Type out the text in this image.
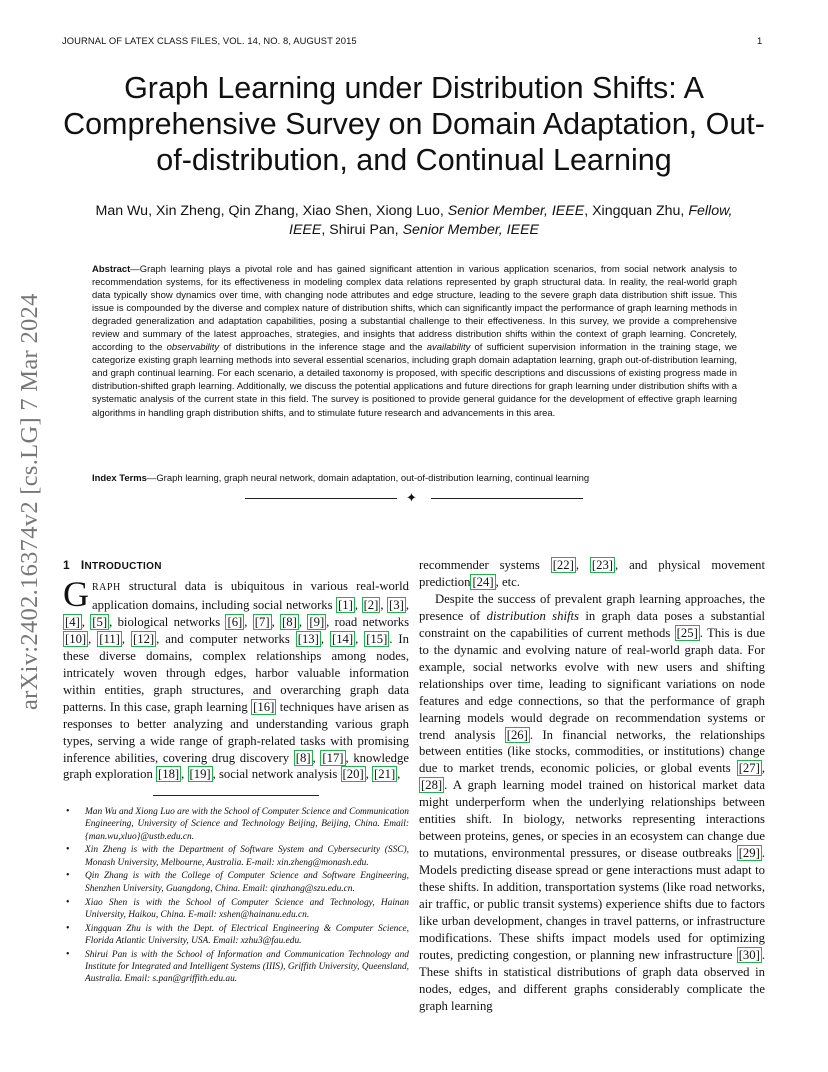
JOURNAL OF LATEX CLASS FILES, VOL. 14, NO. 8, AUGUST 2015	1
Graph Learning under Distribution Shifts: A Comprehensive Survey on Domain Adaptation, Out-of-distribution, and Continual Learning
Man Wu, Xin Zheng, Qin Zhang, Xiao Shen, Xiong Luo, Senior Member, IEEE, Xingquan Zhu, Fellow,
IEEE, Shirui Pan, Senior Member, IEEE
Abstract—Graph learning plays a pivotal role and has gained significant attention in various application scenarios, from social network analysis to recommendation systems, for its effectiveness in modeling complex data relations represented by graph structural data. In reality, the real-world graph data typically show dynamics over time, with changing node attributes and edge structure, leading to the severe graph data distribution shift issue. This issue is compounded by the diverse and complex nature of distribution shifts, which can significantly impact the performance of graph learning methods in degraded generalization and adaptation capabilities, posing a substantial challenge to their effectiveness. In this survey, we provide a comprehensive review and summary of the latest approaches, strategies, and insights that address distribution shifts within the context of graph learning. Concretely, according to the observability of distributions in the inference stage and the availability of sufficient supervision information in the training stage, we categorize existing graph learning methods into several essential scenarios, including graph domain adaptation learning, graph out-of-distribution learning, and graph continual learning. For each scenario, a detailed taxonomy is proposed, with specific descriptions and discussions of existing progress made in distribution-shifted graph learning. Additionally, we discuss the potential applications and future directions for graph learning under distribution shifts with a systematic analysis of the current state in this field. The survey is positioned to provide general guidance for the development of effective graph learning algorithms in handling graph distribution shifts, and to stimulate future research and advancements in this area.
Index Terms—Graph learning, graph neural network, domain adaptation, out-of-distribution learning, continual learning
✦
arXiv:2402.16374v2 [cs.LG] 7 Mar 2024 1 INTRODUCTION

GRAPH structural data is ubiquitous in various real-world application domains, including social networks [1] , [2] , [3] , [4] , [5] , biological networks [6] , [7] , [8] , [9] , road networks [10] , [11] , [12] , and computer networks [13] , [14] , [15] . In these diverse domains, complex relationships among nodes, intricately woven through edges, harbor valuable information within entities, graph structures, and overarching graph data patterns. In this case, graph learning [16] techniques have arisen as responses to better analyzing and understanding various graph types, serving a wide range of graph-related tasks with promising inference abilities, covering drug discovery [8] , [17] , knowledge graph exploration [18] , [19] , social network analysis [20] , [21] ,

• Man Wu and Xiong Luo are with the School of Computer Science and Communication Engineering, University of Science and Technology Beijing, Beijing, China. Email: {man.wu,xluo}@ustb.edu.cn.
• Xin Zheng is with the Department of Software System and Cybersecurity (SSC), Monash University, Melbourne, Australia. E-mail: xin.zheng@monash.edu.
• Qin Zhang is with the College of Computer Science and Software Engineering, Shenzhen University, Guangdong, China. Email: qinzhang@szu.edu.cn.
• Xiao Shen is with the School of Computer Science and Technology, Hainan University, Haikou, China. E-mail: xshen@hainanu.edu.cn.
• Xingquan Zhu is with the Dept. of Electrical Engineering & Computer Science, Florida Atlantic University, USA. Email: xzhu3@fau.edu.
• Shirui Pan is with the School of Information and Communication Technology and Institute for Integrated and Intelligent Systems (IIIS), Griffith University, Queensland, Australia. Email: s.pan@griffith.edu.au.

recommender systems [22] , [23] , and physical movement prediction [24] , etc.

Despite the success of prevalent graph learning approaches, the presence of distribution shifts in graph data poses a substantial constraint on the capabilities of current methods [25] . This is due to the dynamic and evolving nature of real-world graph data. For example, social networks evolve with new users and shifting relationships over time, leading to significant variations on node features and edge connections, so that the performance of graph learning models would degrade on recommendation systems or trend analysis [26] . In financial networks, the relationships between entities (like stocks, commodities, or institutions) change due to market trends, economic policies, or global events [27] , [28] . A graph learning model trained on historical market data might underperform when the underlying relationships between entities shift. In biology, networks representing interactions between proteins, genes, or species in an ecosystem can change due to mutations, environmental pressures, or disease outbreaks [29] . Models predicting disease spread or gene interactions must adapt to these shifts. In addition, transportation systems (like road networks, air traffic, or public transit systems) experience shifts due to factors like urban development, changes in travel patterns, or infrastructure modifications. These shifts impact models used for optimizing routes, predicting congestion, or planning new infrastructure [30] . These shifts in statistical distributions of graph data observed in nodes, edges, and different graphs considerably complicate the graph learning
